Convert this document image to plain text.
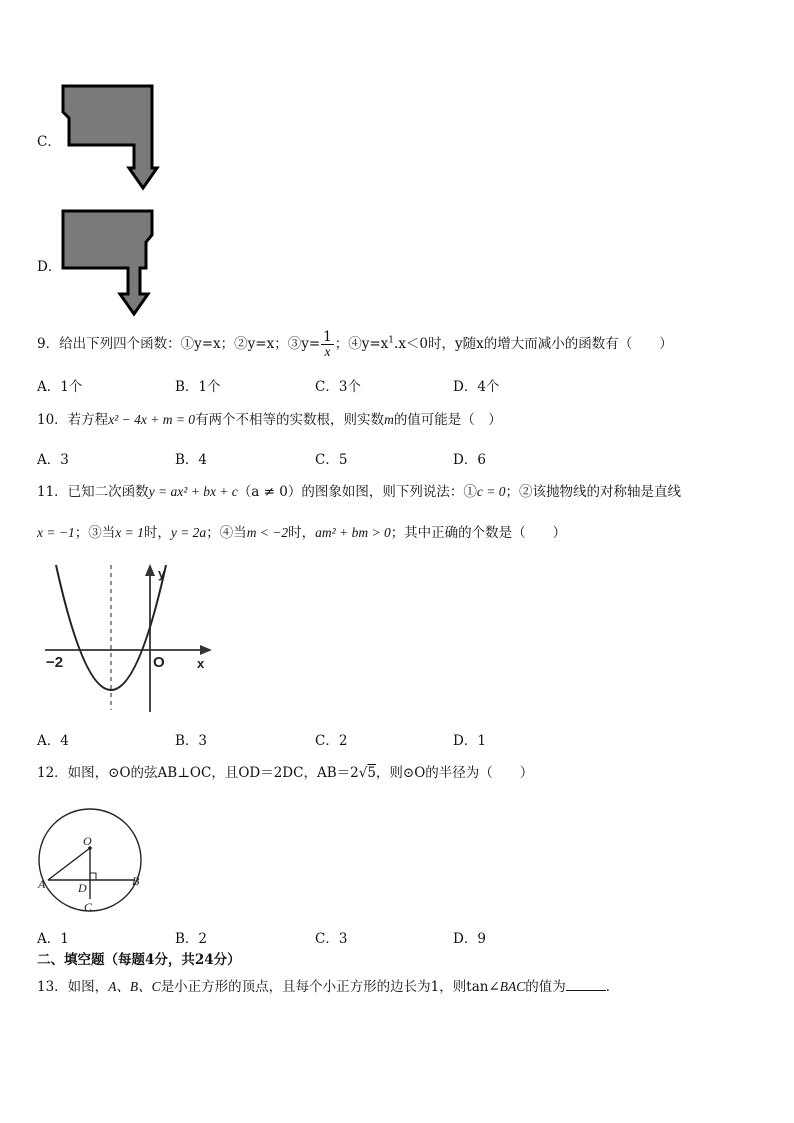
C．
D．
9．给出下列四个函数：①y=x；②y=x；③y= $\frac{1}{x}$ ；$④y=x^1.x<0$时，y随x的增大而减小的函数有（　　）
A．1个	B．1个	C．3个	D．4个
10．若方程x² − 4x + m = 0有两个不相等的实数根，则实数m的值可能是（　）
A．3	B．4	C．5	D．6
11．已知二次函数y = ax² + bx + c（a ≠ 0）的图象如图，则下列说法：①c = 0；②该抛物线的对称轴是直线
x = −1；③当x = 1时，y = 2a；④当m < −2时，am² + bm > 0；其中正确的个数是（　　）
−2	O x
y
A．4	B．3	C．2	D．1
12．如图，⊙O的弦AB⊥OC，且OD＝2DC，AB＝2√5，则⊙O的半径为（　　）
O
A	B
D
C
A．1	B．2	C．3	D．9
二、填空题（每题4分，共24分）
13．如图，A、B、C是小正方形的顶点，且每个小正方形的边长为1，则tan∠BAC的值为	．
